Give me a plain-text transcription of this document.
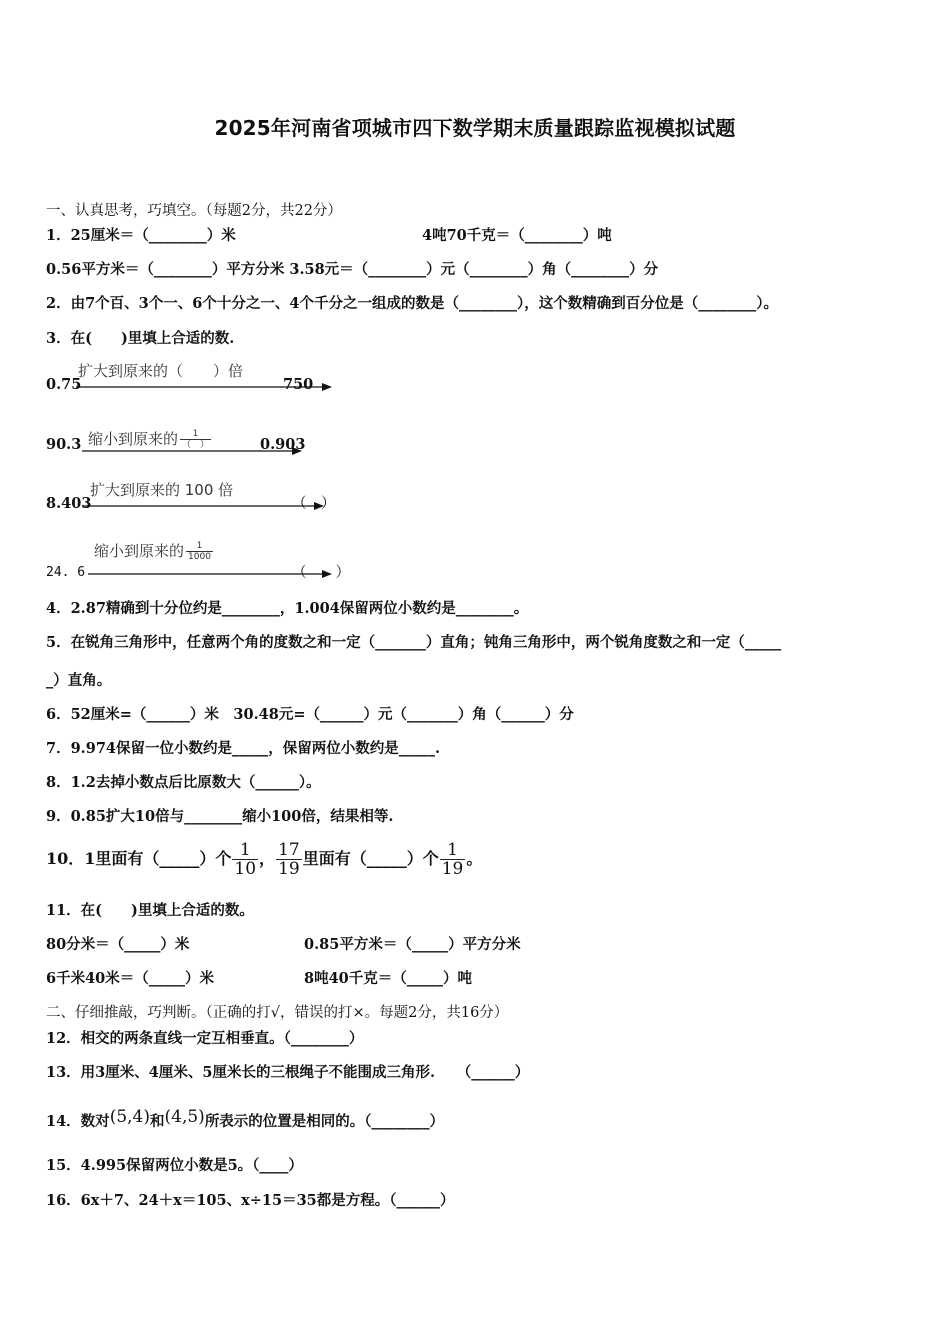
2025年河南省项城市四下数学期末质量跟踪监视模拟试题
一、认真思考，巧填空。（每题2分，共22分）
1．25厘米＝（________）米	4吨70千克＝（________）吨
0.56平方米＝（________）平方分米 3.58元＝（________）元（________）角（________）分
2．由7个百、3个一、6个十分之一、4个千分之一组成的数是（________），这个数精确到百分位是（________）。
3．在(　　)里填上合适的数.
0.75
扩大到原来的（　　）倍
750
90.3 缩小到原来的 $\frac{1}{( )}$	0.903
8.403
扩大到原来的 100 倍
（　）
24. 6
缩小到原来的 $\frac{1}{1000}$
（　　）
4．2.87精确到十分位约是________，1.004保留两位小数约是________。
5．在锐角三角形中，任意两个角的度数之和一定（_______）直角；钝角三角形中，两个锐角度数之和一定（_____
_）直角。
6．52厘米=（______）米　30.48元=（______）元（_______）角（______）分
7．9.974保留一位小数约是_____，保留两位小数约是_____.
8．1.2去掉小数点后比原数大（______）。
9．0.85扩大10倍与________缩小100倍，结果相等.
10．1里面有（_____）个 $\frac{1}{10}$ ， $\frac{17}{19}$ 里面有（_____）个 $\frac{1}{19}$ 。
11．在(　　)里填上合适的数。
80分米＝（_____）米	0.85平方米＝（_____）平方分米
6千米40米＝（_____）米	8吨40千克＝（_____）吨
二、仔细推敲，巧判断。（正确的打√，错误的打×。每题2分，共16分）
12．相交的两条直线一定互相垂直。（________）
13．用3厘米、4厘米、5厘米长的三根绳子不能围成三角形.　　（______）
14．数对(5,4)和(4,5)所表示的位置是相同的。（________）
15．4.995保留两位小数是5。（____）
16．6x＋7、24＋x＝105、x÷15＝35都是方程。（______）
